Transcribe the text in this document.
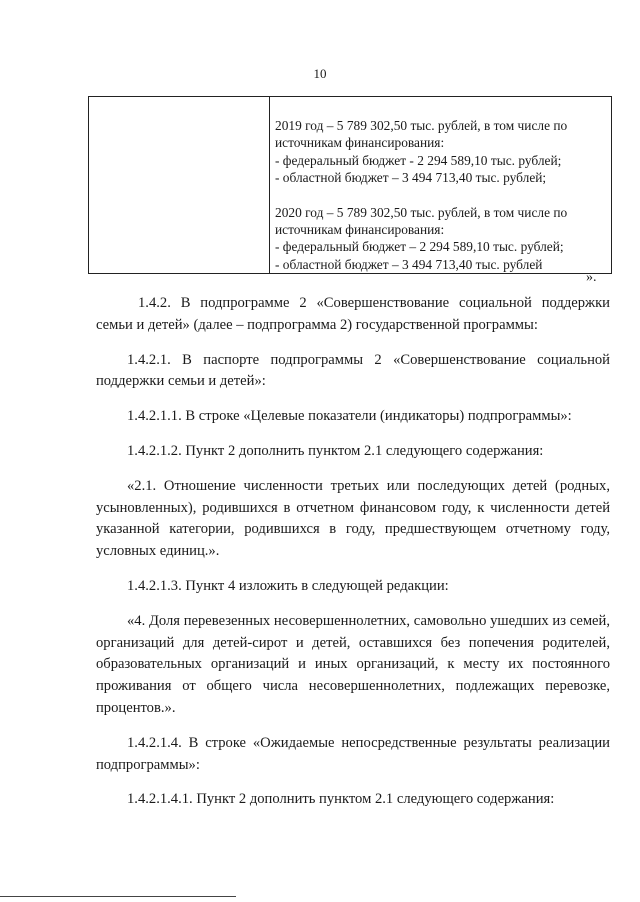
10

2019 год – 5 789 302,50 тыс. рублей, в том числе по
источникам финансирования:
- федеральный бюджет - 2 294 589,10 тыс. рублей;
- областной бюджет – 3 494 713,40 тыс. рублей;
2020 год – 5 789 302,50 тыс. рублей, в том числе по
источникам финансирования:
- федеральный бюджет – 2 294 589,10 тыс. рублей;
- областной бюджет – 3 494 713,40 тыс. рублей
».

1.4.2. В подпрограмме 2 «Совершенствование социальной поддержки семьи и детей» (далее – подпрограмма 2) государственной программы:

1.4.2.1. В паспорте подпрограммы 2 «Совершенствование социальной поддержки семьи и детей»:

1.4.2.1.1. В строке «Целевые показатели (индикаторы) подпрограммы»:

1.4.2.1.2. Пункт 2 дополнить пунктом 2.1 следующего содержания:

«2.1. Отношение численности третьих или последующих детей (родных, усыновленных), родившихся в отчетном финансовом году, к численности детей указанной категории, родившихся в году, предшествующем отчетному году, условных единиц.».

1.4.2.1.3. Пункт 4 изложить в следующей редакции:

«4. Доля перевезенных несовершеннолетних, самовольно ушедших из семей, организаций для детей-сирот и детей, оставшихся без попечения родителей, образовательных организаций и иных организаций, к месту их постоянного проживания от общего числа несовершеннолетних, подлежащих перевозке, процентов.».

1.4.2.1.4. В строке «Ожидаемые непосредственные результаты реализации подпрограммы»:

1.4.2.1.4.1. Пункт 2 дополнить пунктом 2.1 следующего содержания:
